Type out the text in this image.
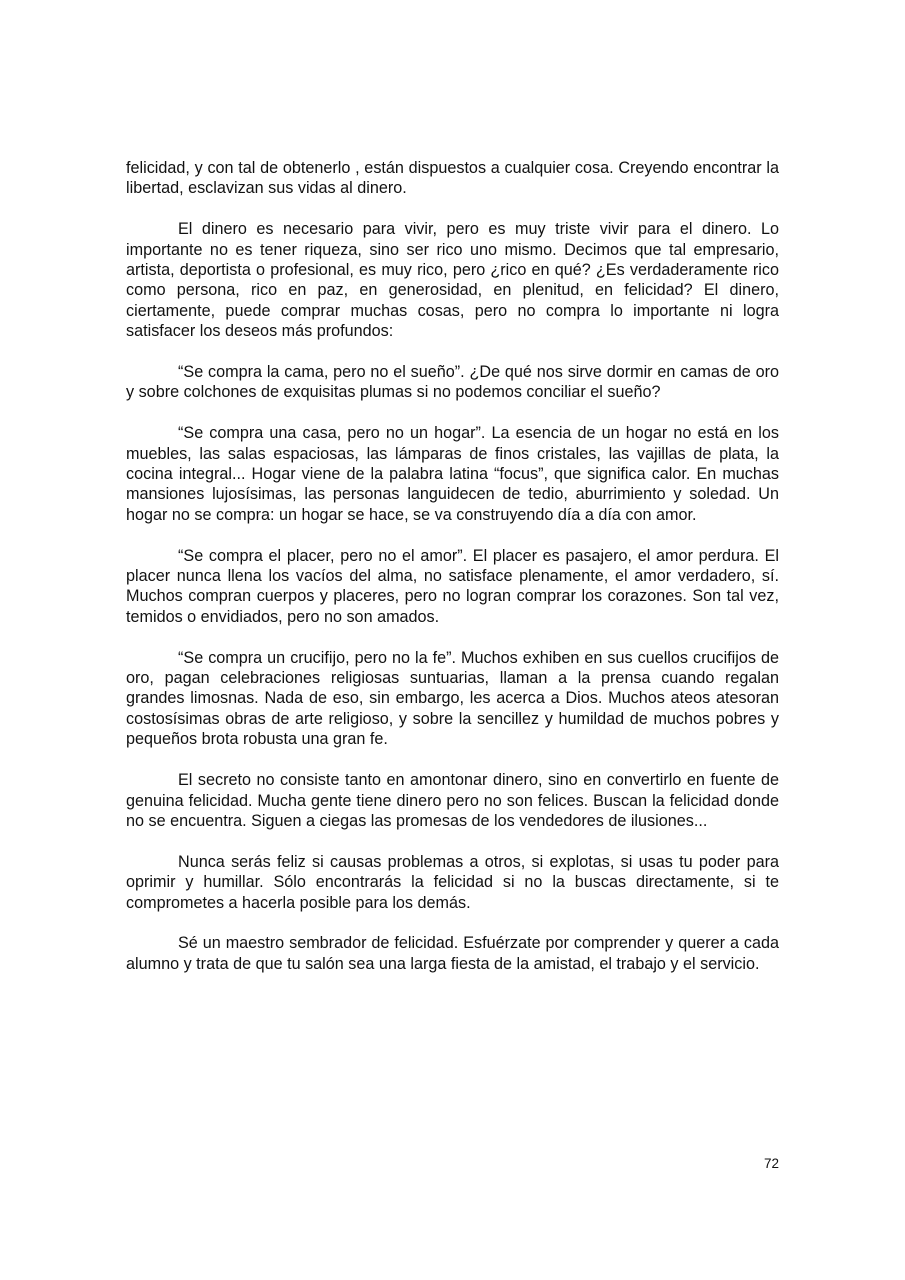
felicidad, y con tal de obtenerlo , están dispuestos a cualquier cosa. Creyendo encontrar la libertad, esclavizan sus vidas al dinero.

El dinero es necesario para vivir, pero es muy triste vivir para el dinero. Lo importante no es tener riqueza, sino ser rico uno mismo. Decimos que tal empresario, artista, deportista o profesional, es muy rico, pero ¿rico en qué? ¿Es verdaderamente rico como persona, rico en paz, en generosidad, en plenitud, en felicidad? El dinero, ciertamente, puede comprar muchas cosas, pero no compra lo importante ni logra satisfacer los deseos más profundos:

“Se compra la cama, pero no el sueño”. ¿De qué nos sirve dormir en camas de oro y sobre colchones de exquisitas plumas si no podemos conciliar el sueño?

“Se compra una casa, pero no un hogar”. La esencia de un hogar no está en los muebles, las salas espaciosas, las lámparas de finos cristales, las vajillas de plata, la cocina integral... Hogar viene de la palabra latina “focus”, que significa calor. En muchas mansiones lujosísimas, las personas languidecen de tedio, aburrimiento y soledad. Un hogar no se compra: un hogar se hace, se va construyendo día a día con amor.

“Se compra el placer, pero no el amor”. El placer es pasajero, el amor perdura. El placer nunca llena los vacíos del alma, no satisface plenamente, el amor verdadero, sí. Muchos compran cuerpos y placeres, pero no logran comprar los corazones. Son tal vez, temidos o envidiados, pero no son amados.

“Se compra un crucifijo, pero no la fe”. Muchos exhiben en sus cuellos crucifijos de oro, pagan celebraciones religiosas suntuarias, llaman a la prensa cuando regalan grandes limosnas. Nada de eso, sin embargo, les acerca a Dios. Muchos ateos atesoran costosísimas obras de arte religioso, y sobre la sencillez y humildad de muchos pobres y pequeños brota robusta una gran fe.

El secreto no consiste tanto en amontonar dinero, sino en convertirlo en fuente de genuina felicidad. Mucha gente tiene dinero pero no son felices. Buscan la felicidad donde no se encuentra. Siguen a ciegas las promesas de los vendedores de ilusiones...

Nunca serás feliz si causas problemas a otros, si explotas, si usas tu poder para oprimir y humillar. Sólo encontrarás la felicidad si no la buscas directamente, si te comprometes a hacerla posible para los demás.

Sé un maestro sembrador de felicidad. Esfuérzate por comprender y querer a cada alumno y trata de que tu salón sea una larga fiesta de la amistad, el trabajo y el servicio.

72
